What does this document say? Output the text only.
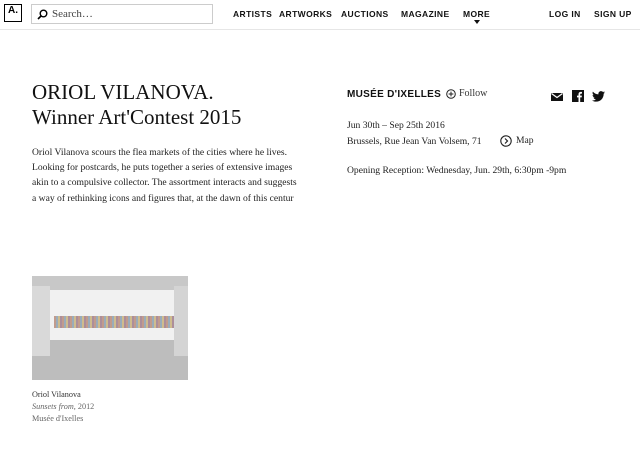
A.
Search…	ARTISTS ARTWORKS AUCTIONS MAGAZINE MORE	LOG IN SIGN UP
ORIOL VILANOVA.
Winner Art'Contest 2015

Oriol Vilanova scours the flea markets of the cities where he lives. Looking for postcards, he puts together a series of extensive images akin to a compulsive collector. The assortment interacts and suggests a way of rethinking icons and figures that, at the dawn of this centur

Oriol Vilanova
Sunsets from, 2012
Musée d'Ixelles
MUSÉE D'IXELLES Follow
Jun 30th – Sep 25th 2016
Brussels, Rue Jean Van Volsem, 71	Map
Opening Reception: Wednesday, Jun. 29th, 6:30pm -9pm
